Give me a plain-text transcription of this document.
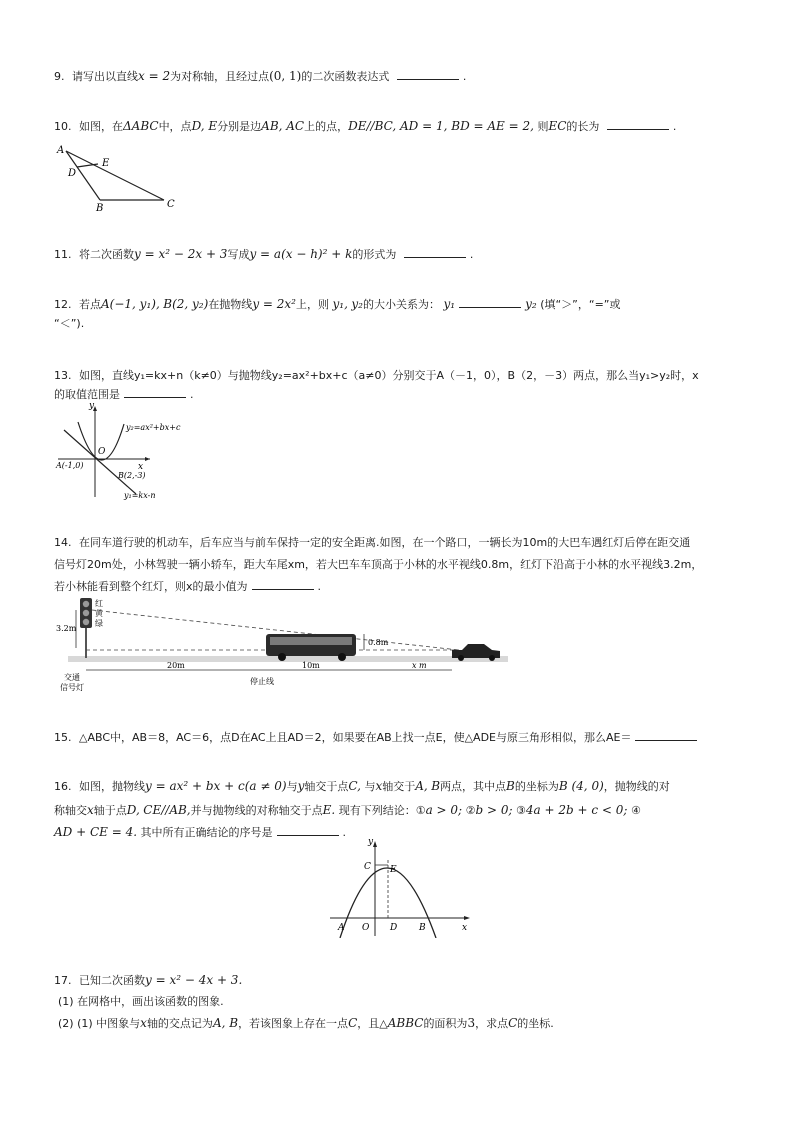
9. 请写出以直线x = 2为对称轴，且经过点(0, 1)的二次函数表达式	.
10. 如图，在ΔABC中，点D, E分别是边AB, AC上的点，DE//BC, AD = 1, BD = AE = 2, 则EC的长为	.
A
E
D
B	C
11. 将二次函数y = x² − 2x + 3写成y = a(x − h)² + k的形式为	.
12. 若点A(−1, y₁), B(2, y₂)在抛物线y = 2x²上，则 y₁, y₂的大小关系为： y₁	y₂ (填“＞”，“=”或
“＜”).
13. 如图，直线y₁=kx+n（k≠0）与抛物线y₂=ax²+bx+c（a≠0）分别交于A（－1，0），B（2，－3）两点，那么当y₁>y₂时，x
的取值范围是	.
y
x
O
y₂=ax²+bx+c
A(-1,0)
B(2,-3)
y₁=kx-n
14. 在同车道行驶的机动车，后车应当与前车保持一定的安全距离.如图，在一个路口，一辆长为10m的大巴车遇红灯后停在距交通
信号灯20m处，小林驾驶一辆小轿车，距大车尾xm，若大巴车车顶高于小林的水平视线0.8m，红灯下沿高于小林的水平视线3.2m，
若小林能看到整个红灯，则x的最小值为	.
红
黄
绿
3.2m
0.8m
20m	10m	x m
交通
信号灯
停止线
15. △ABC中，AB＝8，AC＝6，点D在AC上且AD＝2，如果要在AB上找一点E，使△ADE与原三角形相似，那么AE＝
16. 如图，抛物线y = ax² + bx + c(a ≠ 0)与y轴交于点C, 与x轴交于A, B两点，其中点B的坐标为B (4, 0)，抛物线的对
称轴交x轴于点D, CE//AB,并与抛物线的对称轴交于点E. 现有下列结论：①a > 0; ②b > 0; ③4a + 2b + c < 0; ④
AD + CE = 4. 其中所有正确结论的序号是	.
y
x
C E
A O D B
17. 已知二次函数y = x² − 4x + 3.
(1) 在网格中，画出该函数的图象.
(2) (1) 中图象与x轴的交点记为A, B，若该图象上存在一点C，且△ABBC的面积为3，求点C的坐标.
